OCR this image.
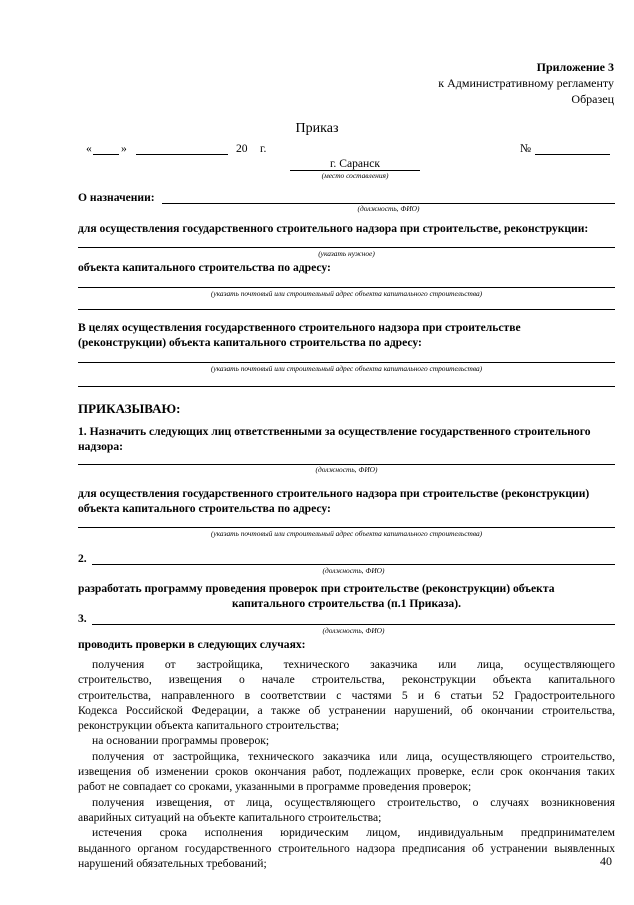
Приложение 3
к Административному регламенту
Образец
Приказ
«	»	20 г.	№
г. Саранск
(место составления)
О назначении:
(должность, ФИО)
для осуществления государственного строительного надзора при строительстве, реконструкции:
(указать нужное)
объекта капитального строительства по адресу:
(указать почтовый или строительный адрес объекта капитального строительства)
В целях осуществления государственного строительного надзора при строительстве
(реконструкции) объекта капитального строительства по адресу:
(указать почтовый или строительный адрес объекта капитального строительства)
ПРИКАЗЫВАЮ:
1. Назначить следующих лиц ответственными за осуществление государственного строительного
надзора:
(должность, ФИО)
для осуществления государственного строительного надзора при строительстве (реконструкции)
объекта капитального строительства по адресу:
(указать почтовый или строительный адрес объекта капитального строительства)
2.
(должность, ФИО)
разработать программу проведения проверок при строительстве (реконструкции) объекта
капитального строительства (п.1 Приказа).
3.
(должность, ФИО)
проводить проверки в следующих случаях:
получения от застройщика, технического заказчика или лица, осуществляющего
строительство, извещения о начале строительства, реконструкции объекта капитального
строительства, направленного в соответствии с частями 5 и 6 статьи 52 Градостроительного
Кодекса Российской Федерации, а также об устранении нарушений, об окончании строительства,
реконструкции объекта капитального строительства;
на основании программы проверок;
получения от застройщика, технического заказчика или лица, осуществляющего строительство,
извещения об изменении сроков окончания работ, подлежащих проверке, если срок окончания таких
работ не совпадает со сроками, указанными в программе проведения проверок;
получения извещения, от лица, осуществляющего строительство, о случаях возникновения
аварийных ситуаций на объекте капитального строительства;
истечения срока исполнения юридическим лицом, индивидуальным предпринимателем
выданного органом государственного строительного надзора предписания об устранении выявленных
нарушений обязательных требований;	40
